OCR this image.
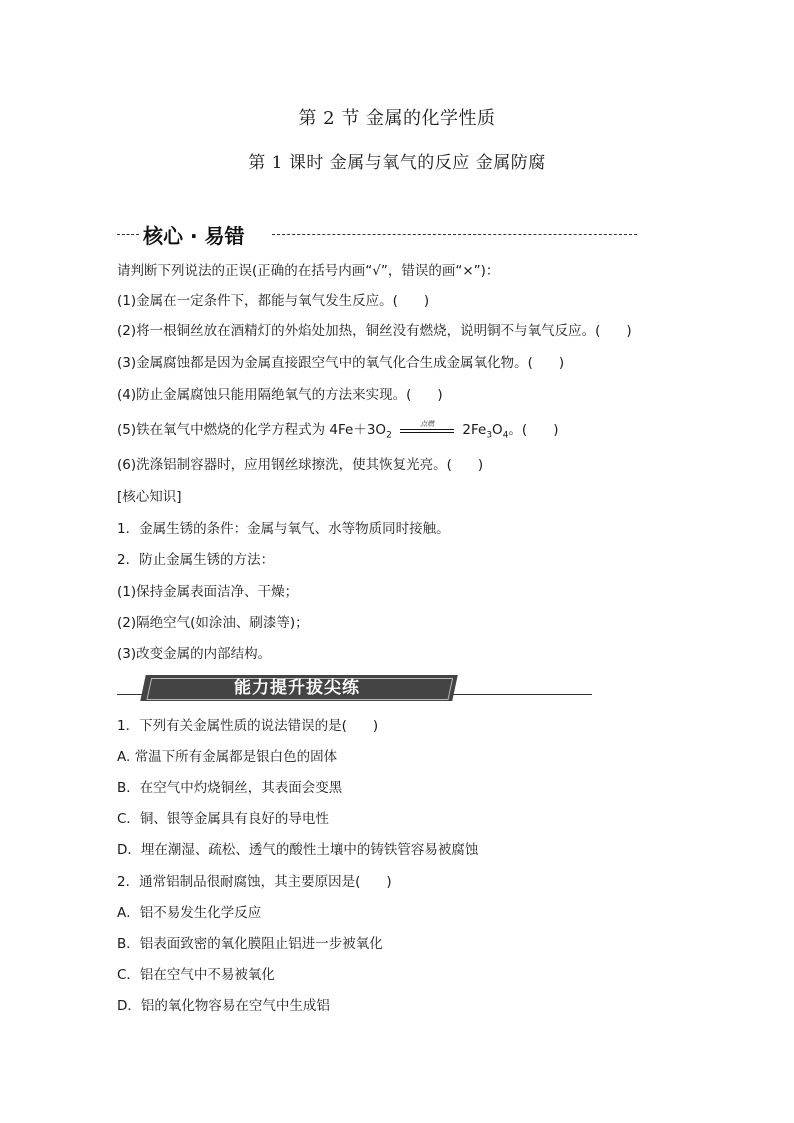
第 2 节 金属的化学性质
第 1 课时 金属与氧气的反应 金属防腐
核心 · 易错
请判断下列说法的正误(正确的在括号内画“√”，错误的画“×”)：
(1)金属在一定条件下，都能与氧气发生反应。( )
(2)将一根铜丝放在酒精灯的外焰处加热，铜丝没有燃烧，说明铜不与氧气反应。( )
(3)金属腐蚀都是因为金属直接跟空气中的氧气化合生成金属氧化物。( )
(4)防止金属腐蚀只能用隔绝氧气的方法来实现。( )
(5)铁在氧气中燃烧的化学方程式为 $4Fe+3O_2$
点燃	$2Fe_3O_4$。( )
(6)洗涤铝制容器时，应用钢丝球擦洗，使其恢复光亮。( )
[核心知识]
1．金属生锈的条件：金属与氧气、水等物质同时接触。
2．防止金属生锈的方法：
(1)保持金属表面洁净、干燥；
(2)隔绝空气(如涂油、刷漆等)；
(3)改变金属的内部结构。
能力提升拔尖练
1．下列有关金属性质的说法错误的是( )
A. 常温下所有金属都是银白色的固体
B．在空气中灼烧铜丝，其表面会变黑
C．铜、银等金属具有良好的导电性
D．埋在潮湿、疏松、透气的酸性土壤中的铸铁管容易被腐蚀
2．通常铝制品很耐腐蚀，其主要原因是( )
A．铝不易发生化学反应
B．铝表面致密的氧化膜阻止铝进一步被氧化
C．铝在空气中不易被氧化
D．铝的氧化物容易在空气中生成铝
